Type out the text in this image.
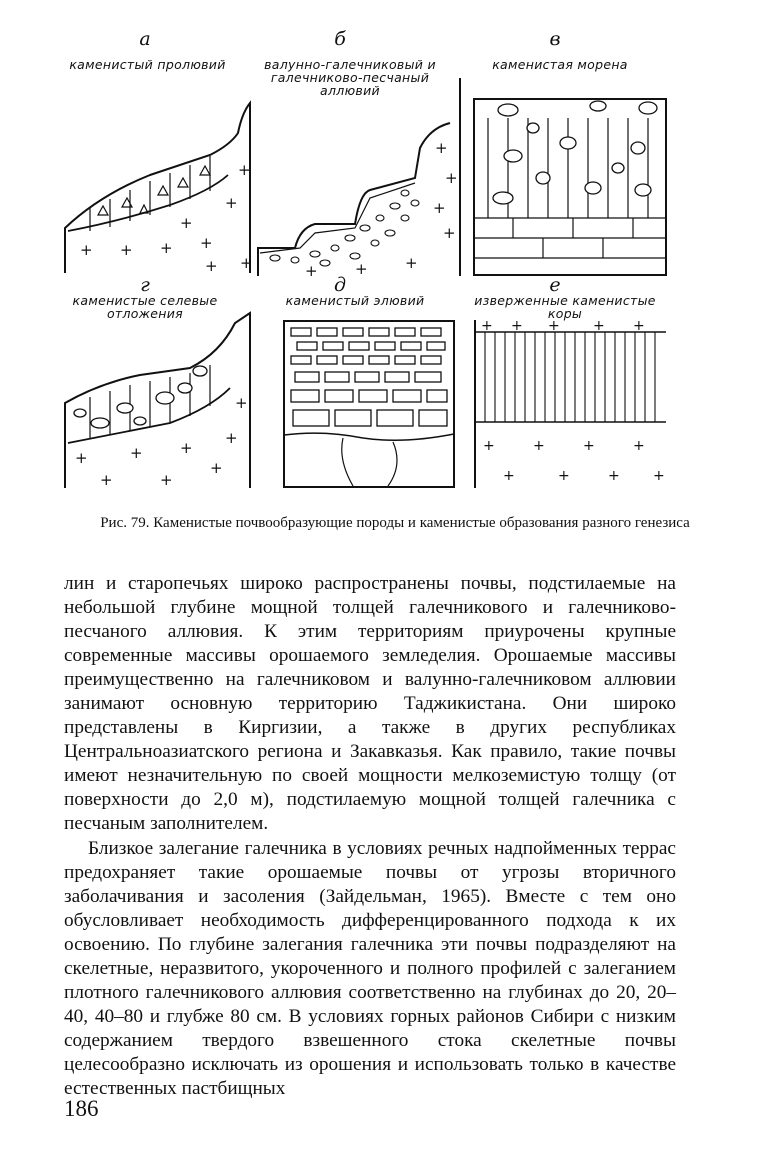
а
каменистый пролювий
+ + + +
+
+
+
+
+
б
валунно-галечниковый и галечниково-песчаный аллювий
+
+
+
+
+
+
+
в
каменистая морена
г
каменистые селевые отложения
+	+ +
+
+	+
+
+
д
каменистый элювий
е
изверженные каменистые коры
+ + + + +
+	+	+	+
+	+	+ +
Рис. 79. Каменистые почвообразующие породы и каменистые образования разного генезиса

лин и старопечьях широко распространены почвы, подстилаемые на небольшой глубине мощной толщей галечникового и галечниково-песчаного аллювия. К этим территориям приурочены крупные современные массивы орошаемого земледелия. Орошаемые массивы преимущественно на галечниковом и валунно-галечниковом аллювии занимают основную территорию Таджикистана. Они широко представлены в Киргизии, а также в других республиках Центральноазиатского региона и Закавказья. Как правило, такие почвы имеют незначительную по своей мощности мелкоземистую толщу (от поверхности до 2,0 м), подстилаемую мощной толщей галечника с песчаным заполнителем.

Близкое залегание галечника в условиях речных надпойменных террас предохраняет такие орошаемые почвы от угрозы вторичного заболачивания и засоления (Зайдельман, 1965). Вместе с тем оно обусловливает необходимость дифференцированного подхода к их освоению. По глубине залегания галечника эти почвы подразделяют на скелетные, неразвитого, укороченного и полного профилей с залеганием плотного галечникового аллювия соответственно на глубинах до 20, 20–40, 40–80 и глубже 80 см. В условиях горных районов Сибири с низким содержанием твердого взвешенного стока скелетные почвы целесообразно исключать из орошения и использовать только в качестве естественных пастбищных

186
